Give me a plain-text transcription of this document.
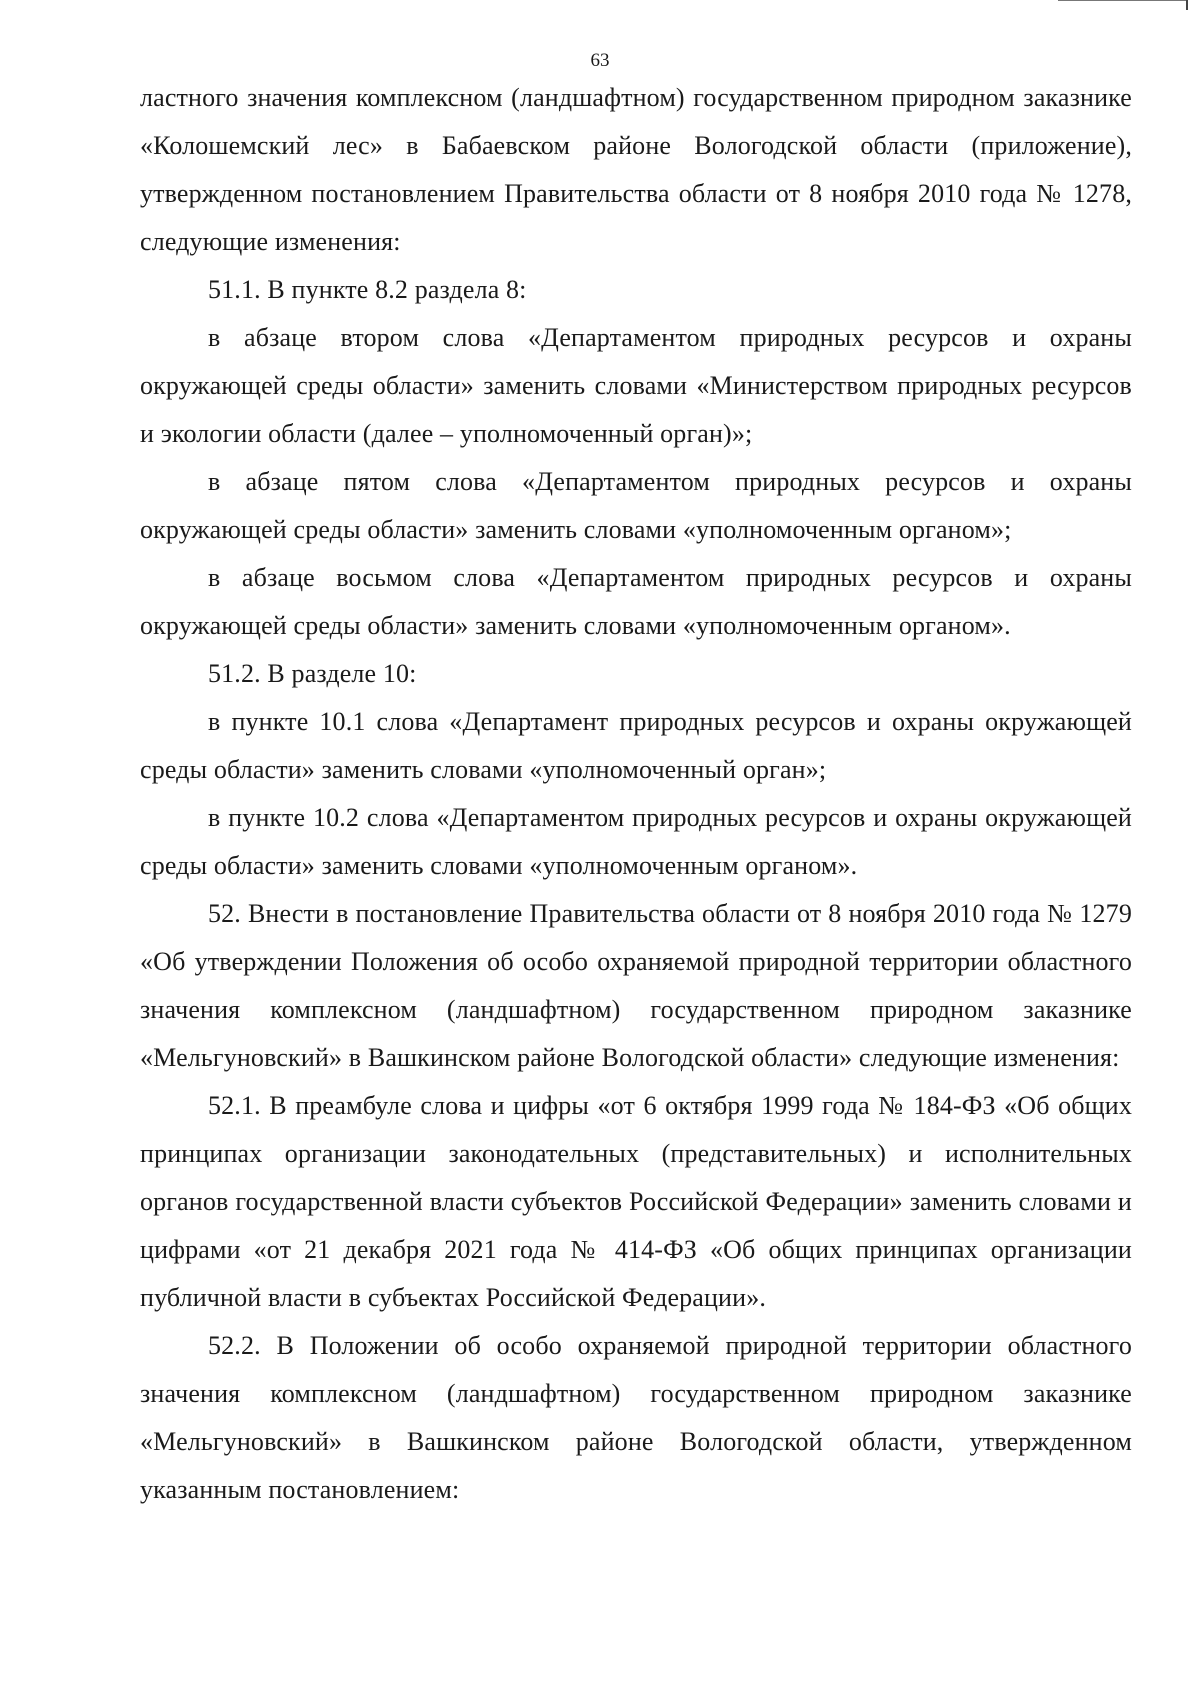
63

ластного значения комплексном (ландшафтном) государственном природном заказнике «Колошемский лес» в Бабаевском районе Вологодской области (приложение), утвержденном постановлением Правительства области от 8 ноября 2010 года № 1278, следующие изменения:

51.1. В пункте 8.2 раздела 8:

в абзаце втором слова «Департаментом природных ресурсов и охраны окружающей среды области» заменить словами «Министерством природных ресурсов и экологии области (далее – уполномоченный орган)»;

в абзаце пятом слова «Департаментом природных ресурсов и охраны окружающей среды области» заменить словами «уполномоченным органом»;

в абзаце восьмом слова «Департаментом природных ресурсов и охраны окружающей среды области» заменить словами «уполномоченным органом».

51.2. В разделе 10:

в пункте 10.1 слова «Департамент природных ресурсов и охраны окружающей среды области» заменить словами «уполномоченный орган»;

в пункте 10.2 слова «Департаментом природных ресурсов и охраны окружающей среды области» заменить словами «уполномоченным органом».

52. Внести в постановление Правительства области от 8 ноября 2010 года № 1279 «Об утверждении Положения об особо охраняемой природной территории областного значения комплексном (ландшафтном) государственном природном заказнике «Мельгуновский» в Вашкинском районе Вологодской области» следующие изменения:

52.1. В преамбуле слова и цифры «от 6 октября 1999 года № 184-ФЗ «Об общих принципах организации законодательных (представительных) и исполнительных органов государственной власти субъектов Российской Федерации» заменить словами и цифрами «от 21 декабря 2021 года № 414-ФЗ «Об общих принципах организации публичной власти в субъектах Российской Федерации».

52.2. В Положении об особо охраняемой природной территории областного значения комплексном (ландшафтном) государственном природном заказнике «Мельгуновский» в Вашкинском районе Вологодской области, утвержденном указанным постановлением:
